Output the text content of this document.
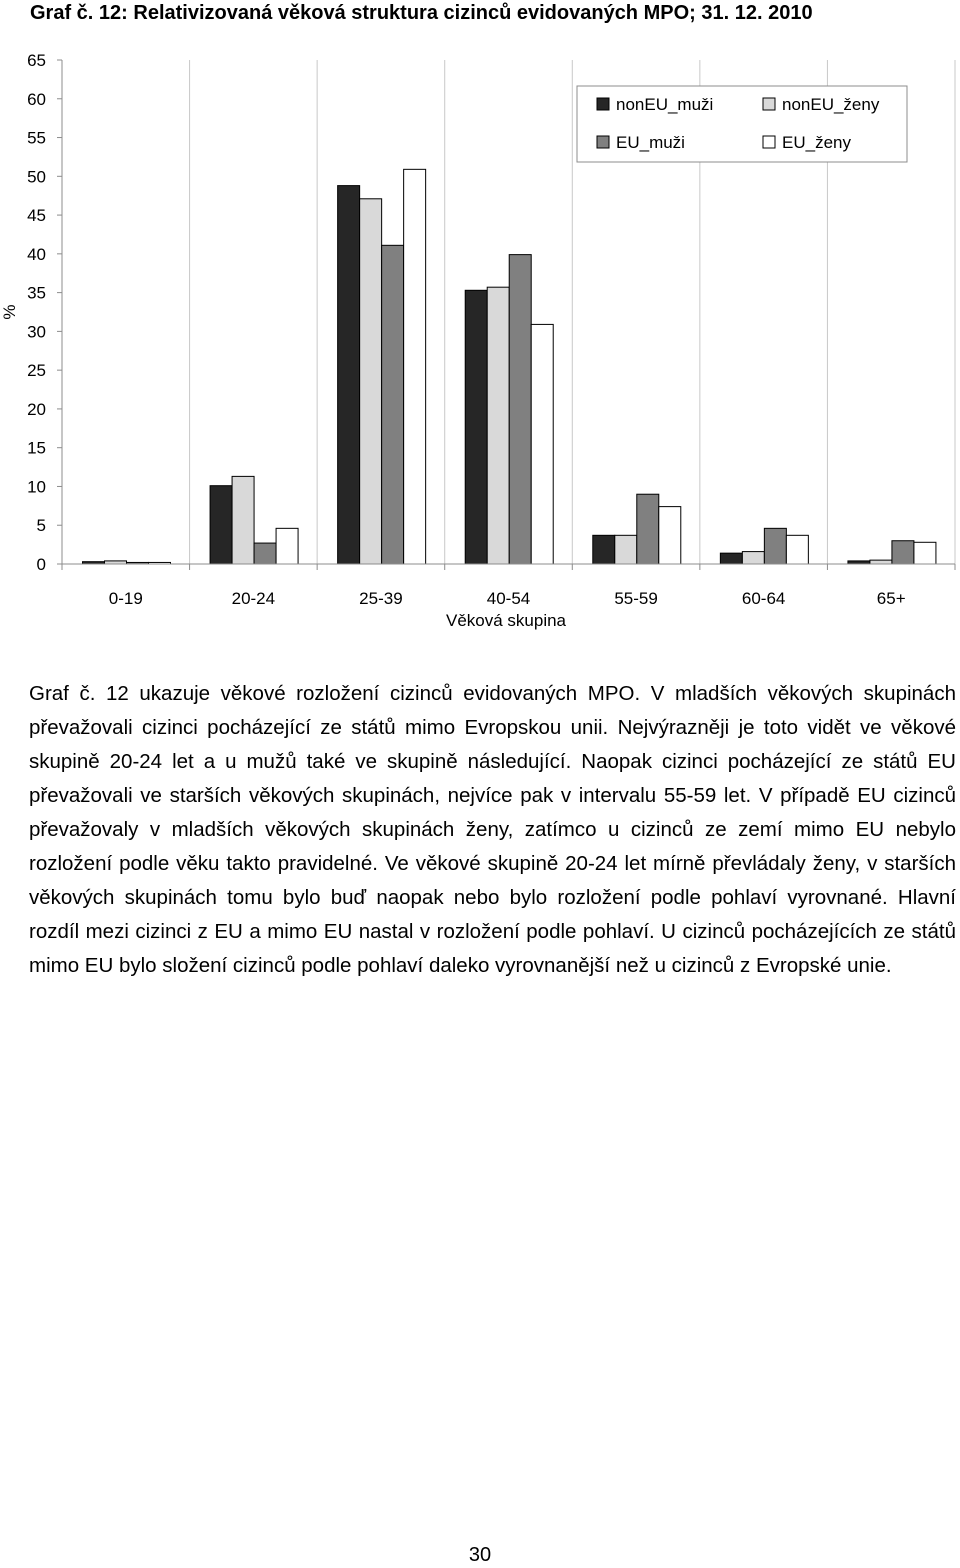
Graf č. 12: Relativizovaná věková struktura cizinců evidovaných MPO; 31. 12. 2010
0
5
10
15
20
25
30
35
40
45
50
55
60
65
0-19	20-24	25-39	40-54	55-59	60-64	65+
Věková skupina
%
nonEU_muži	nonEU_ženy
EU_muži	EU_ženy

Graf č. 12 ukazuje věkové rozložení cizinců evidovaných MPO. V mladších věkových skupinách převažovali cizinci pocházející ze států mimo Evropskou unii. Nejvýrazněji je toto vidět ve věkové skupině 20-24 let a u mužů také ve skupině následující. Naopak cizinci pocházející ze států EU převažovali ve starších věkových skupinách, nejvíce pak v intervalu 55-59 let. V případě EU cizinců převažovaly v mladších věkových skupinách ženy, zatímco u cizinců ze zemí mimo EU nebylo rozložení podle věku takto pravidelné. Ve věkové skupině 20-24 let mírně převládaly ženy, v starších věkových skupinách tomu bylo buď naopak nebo bylo rozložení podle pohlaví vyrovnané. Hlavní rozdíl mezi cizinci z EU a mimo EU nastal v rozložení podle pohlaví. U cizinců pocházejících ze států mimo EU bylo složení cizinců podle pohlaví daleko vyrovnanější než u cizinců z Evropské unie.

30
